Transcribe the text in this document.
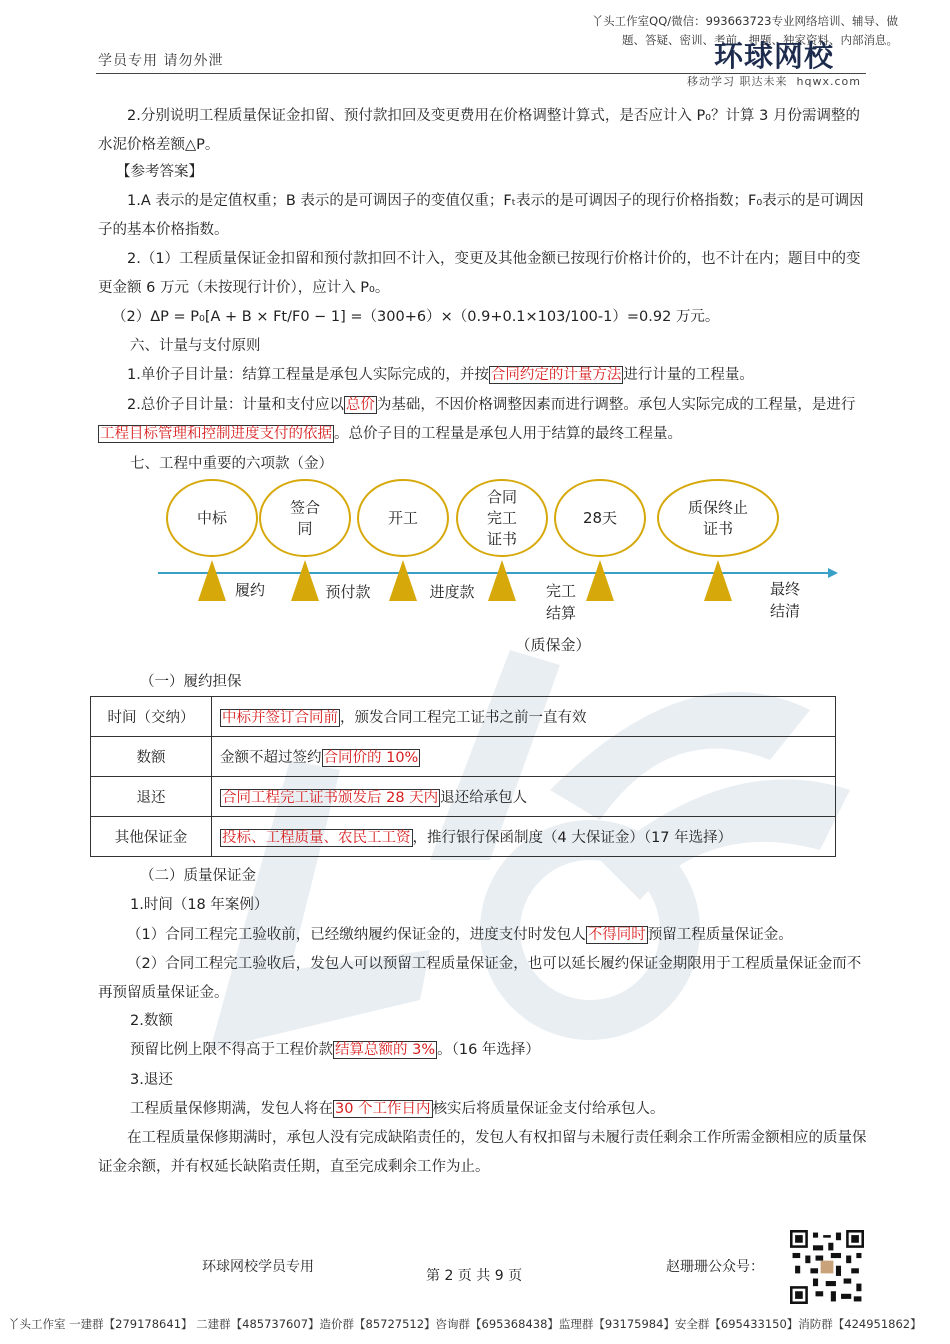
丫头工作室QQ/微信：993663723专业网络培训、辅导、做题、答疑、密训、考前、押题、独家资料、内部消息。
学员专用 请勿外泄	环球网校
移动学习 职达未来 hqwx.com
2.分别说明工程质量保证金扣留、预付款扣回及变更费用在价格调整计算式，是否应计入 P₀？计算 3 月份需调整的水泥价格差额△P。
【参考答案】
1.A 表示的是定值权重；B 表示的是可调因子的变值仅重；Fₜ表示的是可调因子的现行价格指数；F₀表示的是可调因子的基本价格指数。
2.（1）工程质量保证金扣留和预付款扣回不计入，变更及其他金额已按现行价格计价的，也不计在内；题目中的变更金额 6 万元（未按现行计价），应计入 P₀。
（2）ΔP = P₀[A + B × Ft/F0 − 1] =（300+6）×（0.9+0.1×103/100-1）=0.92 万元。
六、计量与支付原则
1.单价子目计量：结算工程量是承包人实际完成的，并按 合同约定的计量方法 进行计量的工程量。
2.总价子目计量：计量和支付应以 总价 为基础，不因价格调整因素而进行调整。承包人实际完成的工程量，是进行工程目标管理和控制进度支付的依据 。总价子目的工程量是承包人用于结算的最终工程量。
七、工程中重要的六项款（金）
中标
签合同
开工
合同完工证书
28天
质保终止证书
履约	预付款	进度款	完工结算
（质保金）
最终结清
（一）履约担保
时间（交纳）	中标并签订合同前 ，颁发合同工程完工证书之前一直有效
数额	金额不超过签约 合同价的 10%
退还	合同工程完工证书颁发后 28 天内 退还给承包人
其他保证金	投标、工程质量、农民工工资 ，推行银行保函制度（4 大保证金）（17 年选择）
（二）质量保证金
1.时间（18 年案例）
（1）合同工程完工验收前，已经缴纳履约保证金的，进度支付时发包人 不得同时 预留工程质量保证金。
（2）合同工程完工验收后，发包人可以预留工程质量保证金，也可以延长履约保证金期限用于工程质量保证金而不再预留质量保证金。
2.数额
预留比例上限不得高于工程价款 结算总额的 3% 。（16 年选择）
3.退还
工程质量保修期满，发包人将在 30 个工作日内 核实后将质量保证金支付给承包人。
在工程质量保修期满时，承包人没有完成缺陷责任的，发包人有权扣留与未履行责任剩余工作所需金额相应的质量保证金余额，并有权延长缺陷责任期，直至完成剩余工作为止。
环球网校学员专用
第 2 页 共 9 页
赵珊珊公众号：
丫头工作室 一建群【279178641】 二建群【485737607】造价群【85727512】咨询群【695368438】监理群【93175984】安全群【695433150】消防群【424951862】
